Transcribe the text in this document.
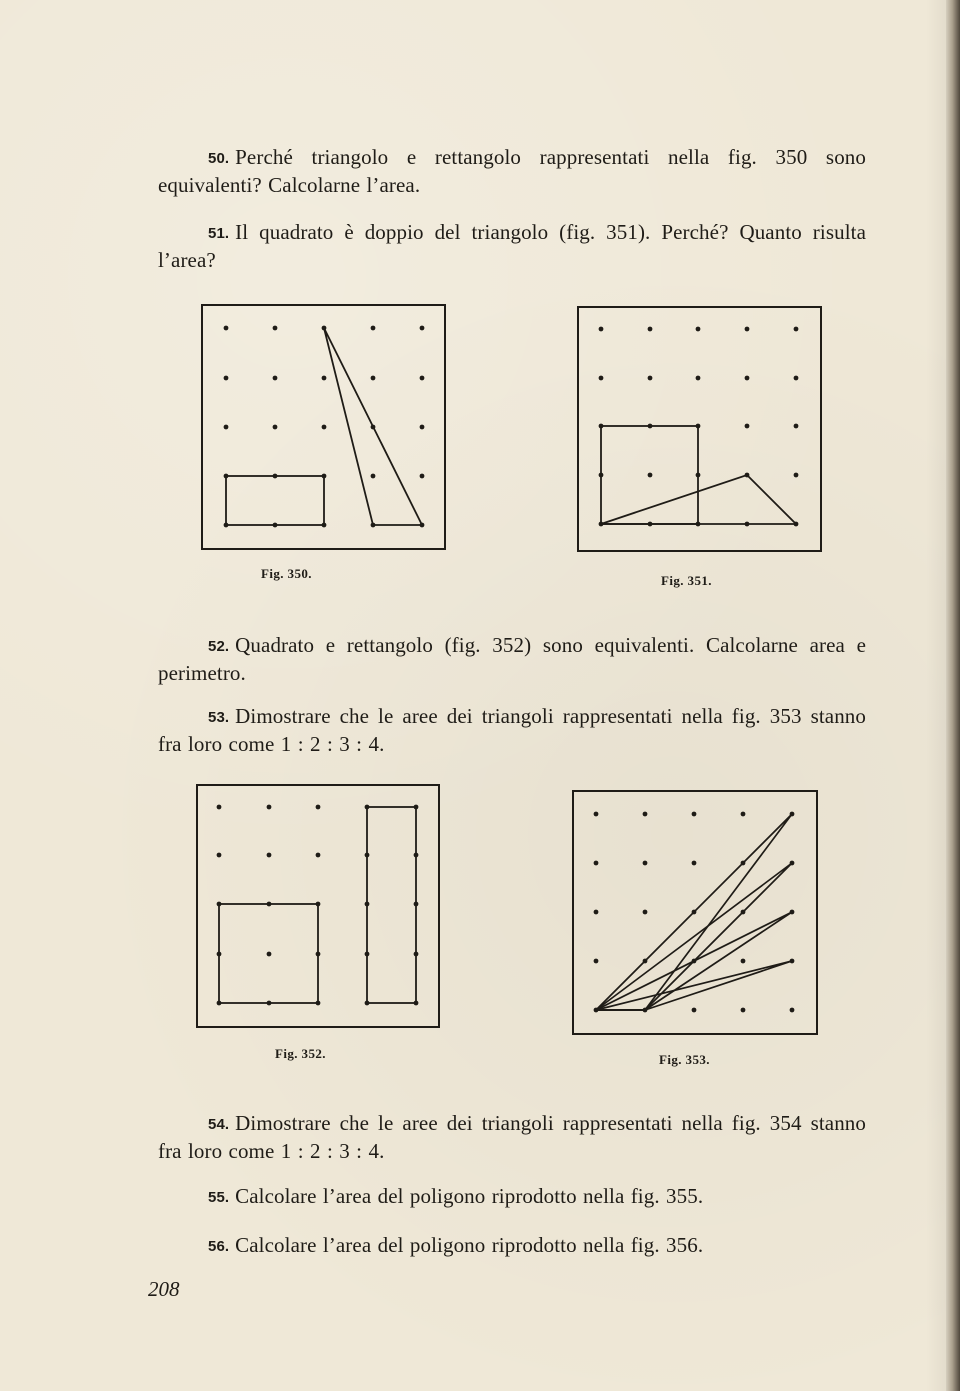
50. Perché triangolo e rettangolo rappresentati nella fig. 350 sono equivalenti? Calcolarne l’area.
51. Il quadrato è doppio del triangolo (fig. 351). Perché? Quanto risulta l’area?
Fig. 350.	Fig. 351.
52. Quadrato e rettangolo (fig. 352) sono equivalenti. Calcolarne area e perimetro.
53. Dimostrare che le aree dei triangoli rappresentati nella fig. 353 stanno fra loro come 1 : 2 : 3 : 4.
Fig. 352.	Fig. 353.
54. Dimostrare che le aree dei triangoli rappresentati nella fig. 354 stanno fra loro come 1 : 2 : 3 : 4.
55. Calcolare l’area del poligono riprodotto nella fig. 355.
56. Calcolare l’area del poligono riprodotto nella fig. 356.
208
